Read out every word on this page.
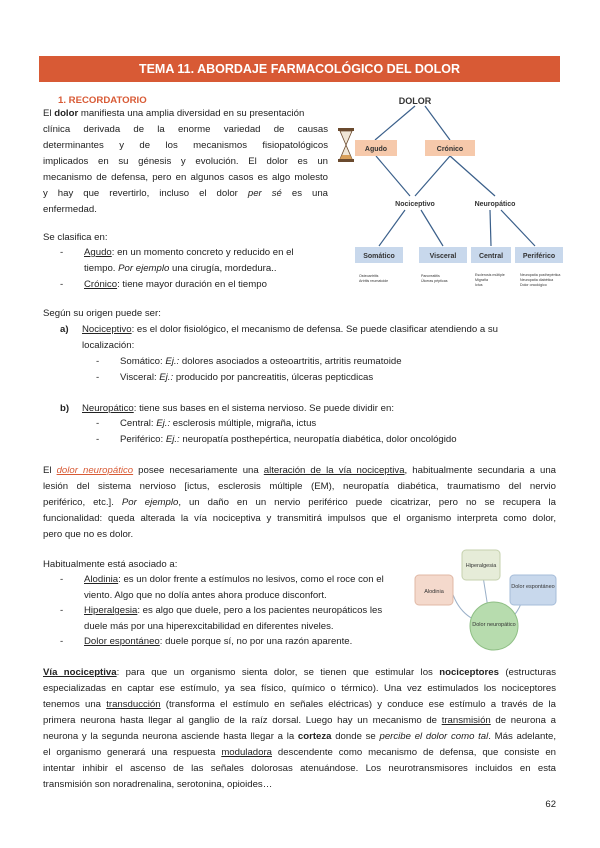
TEMA 11. ABORDAJE FARMACOLÓGICO DEL DOLOR
1. RECORDATORIO
El dolor manifiesta una amplia diversidad en su presentación
clínica derivada de la enorme variedad de causas
determinantes y de los mecanismos fisiopatológicos
implicados en su génesis y evolución. El dolor es un
mecanismo de defensa, pero en algunos casos es algo molesto
y hay que revertirlo, incluso el dolor per sé es una
enfermedad.
DOLOR
Agudo	Crónico
Nociceptivo	Neuropático
Somático	Visceral	Central	Periférico
Osteoartritis
Artritis reumatoide
Pancreatitis
Úlceras pépticas
Esclerosis múltiple
Migraña
Ictus
Neuropatía posthepértica
Neuropatía diabética
Dolor oncológico
Se clasifica en:
- Agudo: en un momento concreto y reducido en el
tiempo. Por ejemplo una cirugía, mordedura..
- Crónico: tiene mayor duración en el tiempo
Según su origen puede ser:
a) Nociceptivo: es el dolor fisiológico, el mecanismo de defensa. Se puede clasificar atendiendo a su
localización:
- Somático: Ej.: dolores asociados a osteoartritis, artritis reumatoide
- Visceral: Ej.: producido por pancreatitis, úlceras pepticdicas
b) Neuropático: tiene sus bases en el sistema nervioso. Se puede dividir en:
- Central: Ej.: esclerosis múltiple, migraña, ictus
- Periférico: Ej.: neuropatía posthepértica, neuropatía diabética, dolor oncológido
El dolor neuropático posee necesariamente una alteración de la vía nociceptiva, habitualmente secundaria a una
lesión del sistema nervioso [ictus, esclerosis múltiple (EM), neuropatía diabética, traumatismo del nervio
periférico, etc.]. Por ejemplo, un daño en un nervio periférico puede cicatrizar, pero no se recupera la
funcionalidad: queda alterada la vía nociceptiva y transmitirá impulsos que el organismo interpreta como dolor,
pero que no es dolor.
Habitualmente está asociado a:
- Alodinia: es un dolor frente a estímulos no lesivos, como el roce con el
viento. Algo que no dolía antes ahora produce disconfort.
- Hiperalgesia: es algo que duele, pero a los pacientes neuropáticos les
duele más por una hiperexcitabilidad en diferentes niveles.
- Dolor espontáneo: duele porque sí, no por una razón aparente.
Alodinia
Hiperalgesia
Dolor espontáneo
Dolor neuropático
Vía nociceptiva: para que un organismo sienta dolor, se tienen que estimular los nociceptores (estructuras
especializadas en captar ese estímulo, ya sea físico, químico o térmico). Una vez estimulados los nociceptores
tenemos una transducción (transforma el estímulo en señales eléctricas) y conduce ese estímulo a través de la
primera neurona hasta llegar al ganglio de la raíz dorsal. Luego hay un mecanismo de transmisión de neurona a
neurona y la segunda neurona asciende hasta llegar a la corteza donde se percibe el dolor como tal. Más adelante,
el organismo generará una respuesta moduladora descendente como mecanismo de defensa, que consiste en
intentar inhibir el ascenso de las señales dolorosas atenuándose. Los neurotransmisores incluidos en esta
transmisión son noradrenalina, serotonina, opioides…
62
